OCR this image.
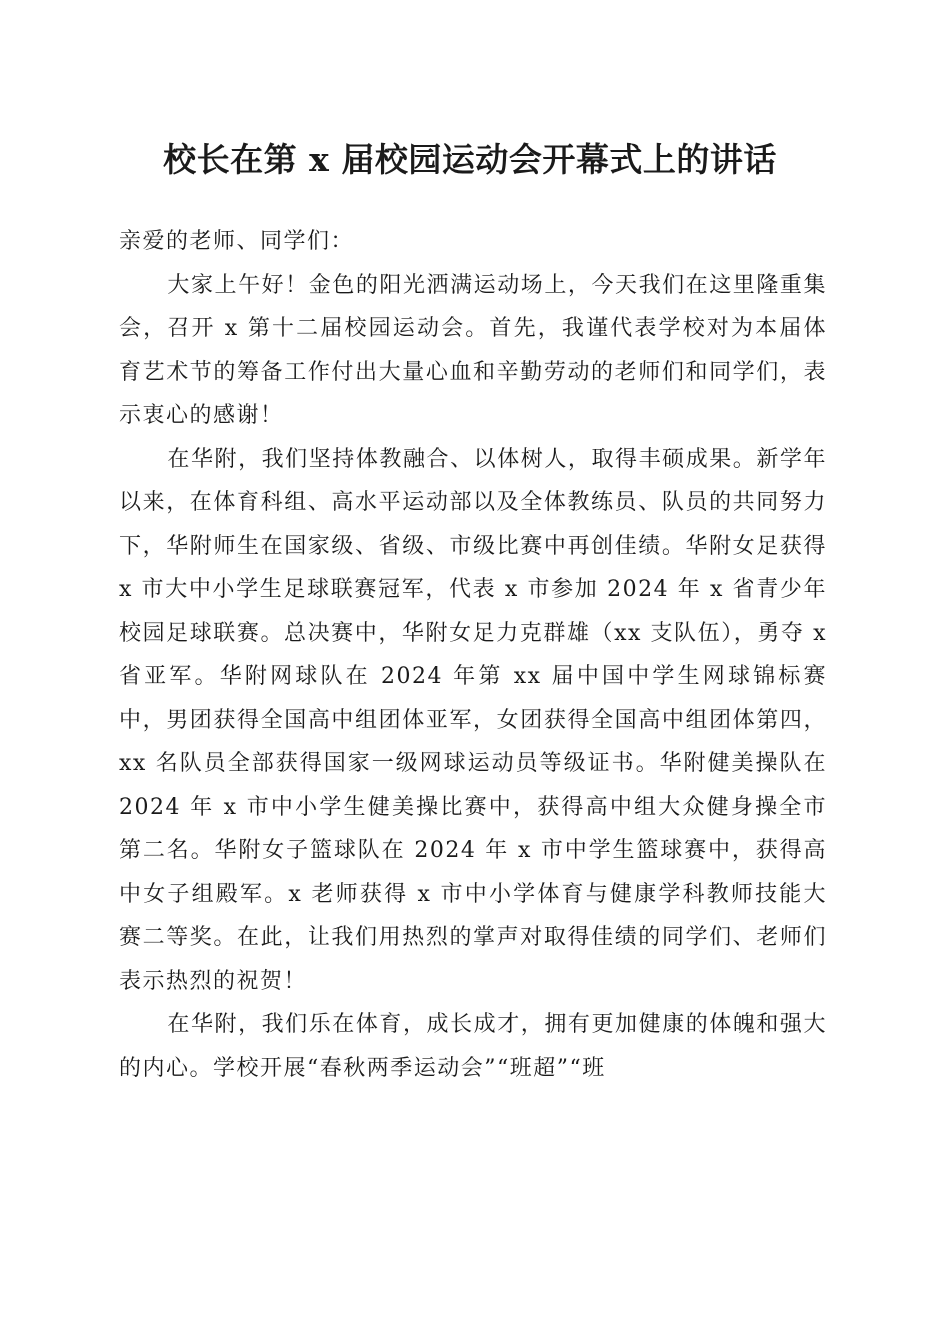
校长在第 x 届校园运动会开幕式上的讲话

亲爱的老师、同学们：

大家上午好！金色的阳光洒满运动场上，今天我们在这里隆重集会，召开 x 第十二届校园运动会。首先，我谨代表学校对为本届体育艺术节的筹备工作付出大量心血和辛勤劳动的老师们和同学们，表示衷心的感谢！

在华附，我们坚持体教融合、以体树人，取得丰硕成果。新学年以来，在体育科组、高水平运动部以及全体教练员、队员的共同努力下，华附师生在国家级、省级、市级比赛中再创佳绩。华附女足获得 x 市大中小学生足球联赛冠军，代表 x 市参加 2024 年 x 省青少年校园足球联赛。总决赛中，华附女足力克群雄（xx 支队伍），勇夺 x 省亚军。华附网球队在 2024 年第 xx 届中国中学生网球锦标赛中，男团获得全国高中组团体亚军，女团获得全国高中组团体第四，xx 名队员全部获得国家一级网球运动员等级证书。华附健美操队在 2024 年 x 市中小学生健美操比赛中，获得高中组大众健身操全市第二名。华附女子篮球队在 2024 年 x 市中学生篮球赛中，获得高中女子组殿军。x 老师获得 x 市中小学体育与健康学科教师技能大赛二等奖。在此，让我们用热烈的掌声对取得佳绩的同学们、老师们表示热烈的祝贺！

在华附，我们乐在体育，成长成才，拥有更加健康的体魄和强大的内心。学校开展“春秋两季运动会”“班超”“班
